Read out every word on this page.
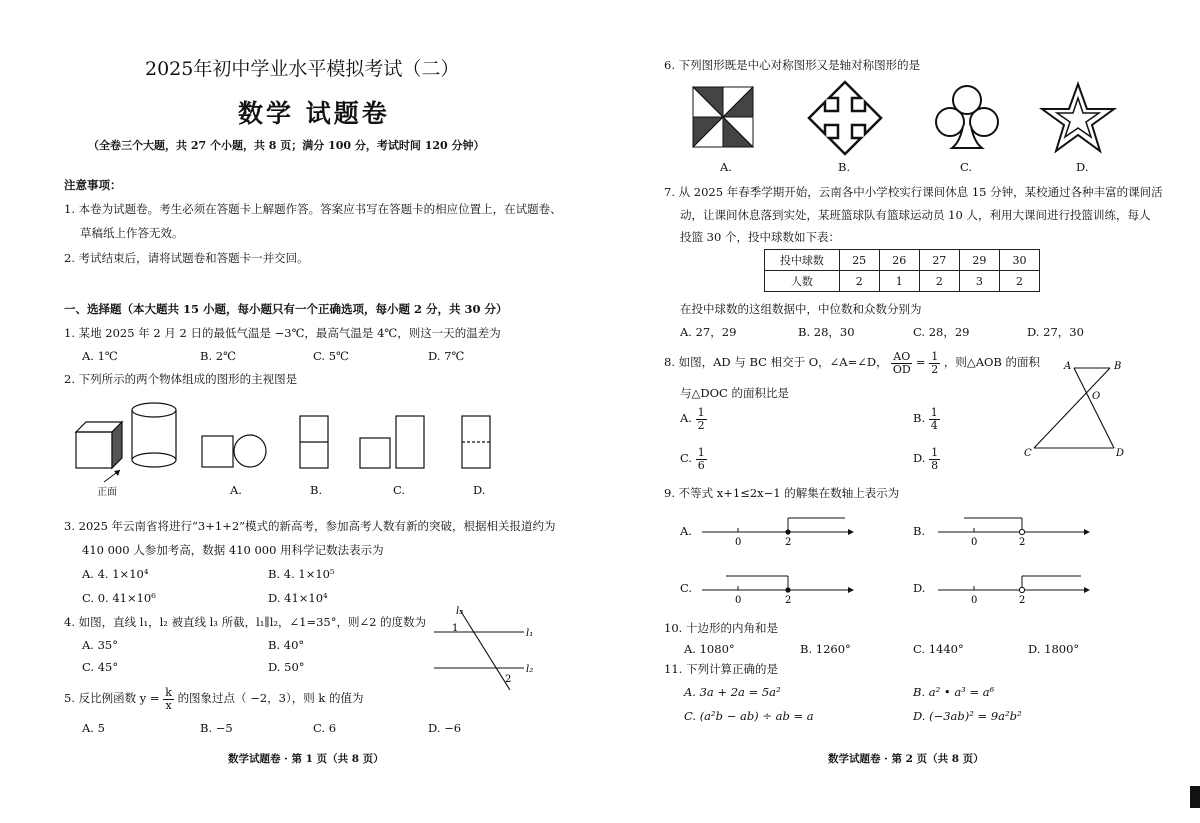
2025年初中学业水平模拟考试（二）
数学 试题卷
（全卷三个大题，共 27 个小题，共 8 页；满分 100 分，考试时间 120 分钟）
注意事项：
1. 本卷为试题卷。考生必须在答题卡上解题作答。答案应书写在答题卡的相应位置上，在试题卷、
草稿纸上作答无效。
2. 考试结束后，请将试题卷和答题卡一并交回。
一、选择题（本大题共 15 小题，每小题只有一个正确选项，每小题 2 分，共 30 分）
1. 某地 2025 年 2 月 2 日的最低气温是 −3℃，最高气温是 4℃，则这一天的温差为
A. 1℃	B. 2℃	C. 5℃	D. 7℃
2. 下列所示的两个物体组成的图形的主视图是
正面	A.	B.	C.	D.
3. 2025 年云南省将进行“3+1+2”模式的新高考，参加高考人数有新的突破，根据相关报道约为
410 000 人参加考高，数据 410 000 用科学记数法表示为
A. 4. 1×10⁴	B. 4. 1×10⁵
C. 0. 41×10⁶	D. 41×10⁴
4. 如图，直线 l₁，l₂ 被直线 l₃ 所截，l₁∥l₂，∠1=35°，则∠2 的度数为
A. 35°	B. 40°
C. 45°	D. 50°
l₃
l₁
l₂
1
2
5. 反比例函数 $y = \frac{k}{x}$ 的图象过点（ −2，3），则 k 的值为
A. 5	B. −5	C. 6	D. −6
数学试题卷 · 第 1 页（共 8 页）
6. 下列图形既是中心对称图形又是轴对称图形的是
A.	B.	C.	D.
7. 从 2025 年春季学期开始，云南各中小学校实行课间休息 15 分钟，某校通过各种丰富的课间活
动，让课间休息落到实处，某班篮球队有篮球运动员 10 人，利用大课间进行投篮训练，每人
投篮 30 个，投中球数如下表：
投中球数	25	26	27	29	30
人数	2	1	2	3	2
在投中球数的这组数据中，中位数和众数分别为
A. 27，29	B. 28，30	C. 28，29	D. 27，30
8. 如图，AD 与 BC 相交于 O，∠A=∠D， $\frac{AO}{OD} = \frac{1}{2}$ ，则△AOB 的面积
与△DOC 的面积比是
A. $\frac{1}{2}$	B. $\frac{1}{4}$
C. $\frac{1}{6}$	D. $\frac{1}{8}$
A	B
O
C	D
9. 不等式 x+1≤2x−1 的解集在数轴上表示为
A.
0	2
B.
0	2
C.
0	2
D.
0	2
10. 十边形的内角和是
A. 1080°	B. 1260°	C. 1440°	D. 1800°
11. 下列计算正确的是
A. 3a + 2a = 5a²	B. a² • a³ = a⁶
C. (a²b − ab) ÷ ab = a	D. (−3ab)² = 9a²b²
数学试题卷 · 第 2 页（共 8 页）
